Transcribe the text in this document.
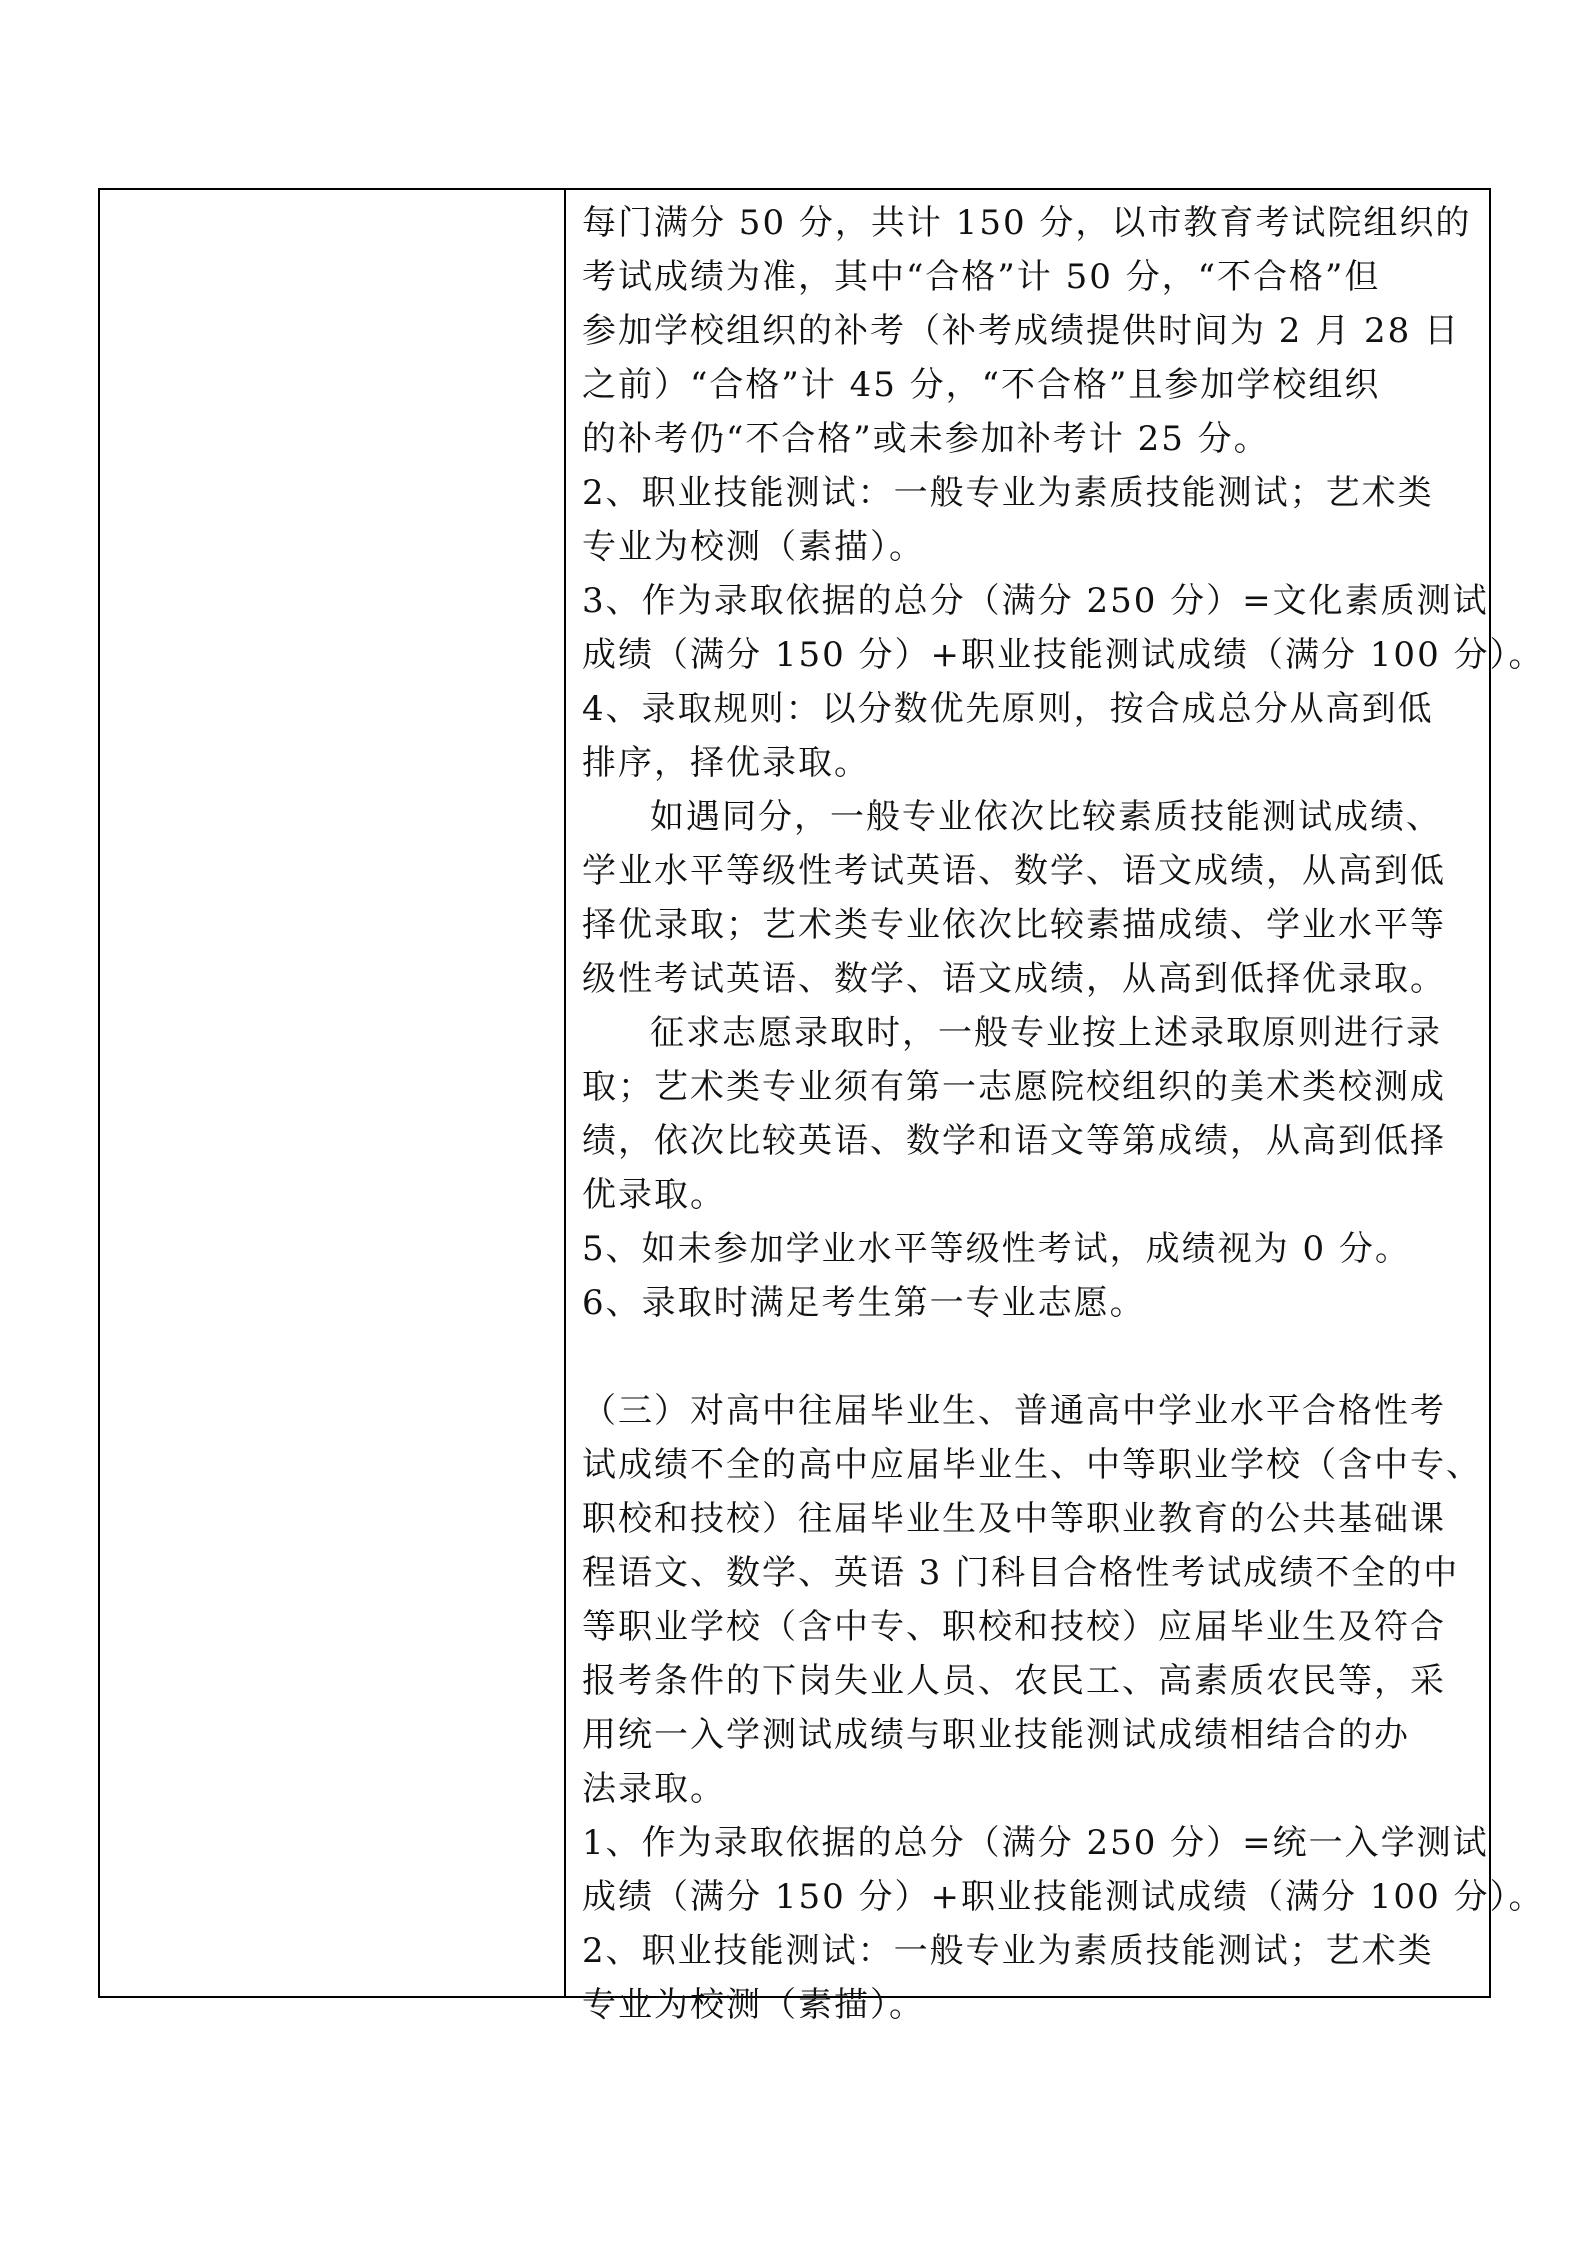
每门满分 50 分，共计 150 分，以市教育考试院组织的
考试成绩为准，其中“合格”计 50 分，“不合格”但
参加学校组织的补考（补考成绩提供时间为 2 月 28 日
之前）“合格”计 45 分，“不合格”且参加学校组织
的补考仍“不合格”或未参加补考计 25 分。
2、职业技能测试：一般专业为素质技能测试；艺术类
专业为校测（素描）。
3、作为录取依据的总分（满分 250 分）=文化素质测试
成绩（满分 150 分）+职业技能测试成绩（满分 100 分）。
4、录取规则：以分数优先原则，按合成总分从高到低
排序，择优录取。
如遇同分，一般专业依次比较素质技能测试成绩、
学业水平等级性考试英语、数学、语文成绩，从高到低
择优录取；艺术类专业依次比较素描成绩、学业水平等
级性考试英语、数学、语文成绩，从高到低择优录取。
征求志愿录取时，一般专业按上述录取原则进行录
取；艺术类专业须有第一志愿院校组织的美术类校测成
绩，依次比较英语、数学和语文等第成绩，从高到低择
优录取。
5、如未参加学业水平等级性考试，成绩视为 0 分。
6、录取时满足考生第一专业志愿。
（三）对高中往届毕业生、普通高中学业水平合格性考
试成绩不全的高中应届毕业生、中等职业学校（含中专、
职校和技校）往届毕业生及中等职业教育的公共基础课
程语文、数学、英语 3 门科目合格性考试成绩不全的中
等职业学校（含中专、职校和技校）应届毕业生及符合
报考条件的下岗失业人员、农民工、高素质农民等，采
用统一入学测试成绩与职业技能测试成绩相结合的办
法录取。
1、作为录取依据的总分（满分 250 分）=统一入学测试
成绩（满分 150 分）+职业技能测试成绩（满分 100 分）。
2、职业技能测试：一般专业为素质技能测试；艺术类
专业为校测（素描）。
